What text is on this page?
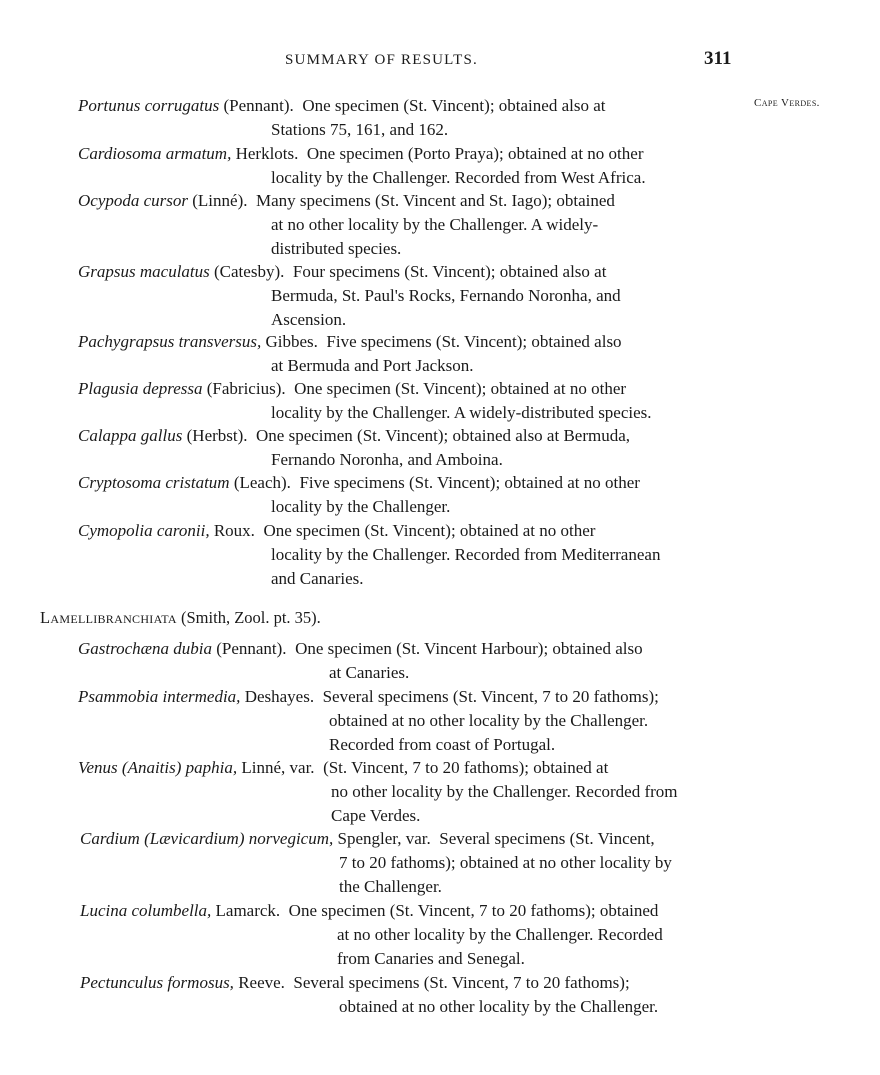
SUMMARY OF RESULTS.	311
Cape Verdes.
Portunus corrugatus (Pennant). One specimen (St. Vincent); obtained also at
Stations 75, 161, and 162.
Cardiosoma armatum, Herklots. One specimen (Porto Praya); obtained at no other
locality by the Challenger. Recorded from West Africa.
Ocypoda cursor (Linné). Many specimens (St. Vincent and St. Iago); obtained
at no other locality by the Challenger. A widely-
distributed species.
Grapsus maculatus (Catesby). Four specimens (St. Vincent); obtained also at
Bermuda, St. Paul's Rocks, Fernando Noronha, and
Ascension.
Pachygrapsus transversus, Gibbes. Five specimens (St. Vincent); obtained also
at Bermuda and Port Jackson.
Plagusia depressa (Fabricius). One specimen (St. Vincent); obtained at no other
locality by the Challenger. A widely-distributed species.
Calappa gallus (Herbst). One specimen (St. Vincent); obtained also at Bermuda,
Fernando Noronha, and Amboina.
Cryptosoma cristatum (Leach). Five specimens (St. Vincent); obtained at no other
locality by the Challenger.
Cymopolia caronii, Roux. One specimen (St. Vincent); obtained at no other
locality by the Challenger. Recorded from Mediterranean
and Canaries.
Lamellibranchiata (Smith, Zool. pt. 35).
Gastrochæna dubia (Pennant). One specimen (St. Vincent Harbour); obtained also
at Canaries.
Psammobia intermedia, Deshayes. Several specimens (St. Vincent, 7 to 20 fathoms);
obtained at no other locality by the Challenger.
Recorded from coast of Portugal.
Venus (Anaitis) paphia, Linné, var. (St. Vincent, 7 to 20 fathoms); obtained at
no other locality by the Challenger. Recorded from
Cape Verdes.
Cardium (Lævicardium) norvegicum, Spengler, var. Several specimens (St. Vincent,
7 to 20 fathoms); obtained at no other locality by
the Challenger.
Lucina columbella, Lamarck. One specimen (St. Vincent, 7 to 20 fathoms); obtained
at no other locality by the Challenger. Recorded
from Canaries and Senegal.
Pectunculus formosus, Reeve. Several specimens (St. Vincent, 7 to 20 fathoms);
obtained at no other locality by the Challenger.
